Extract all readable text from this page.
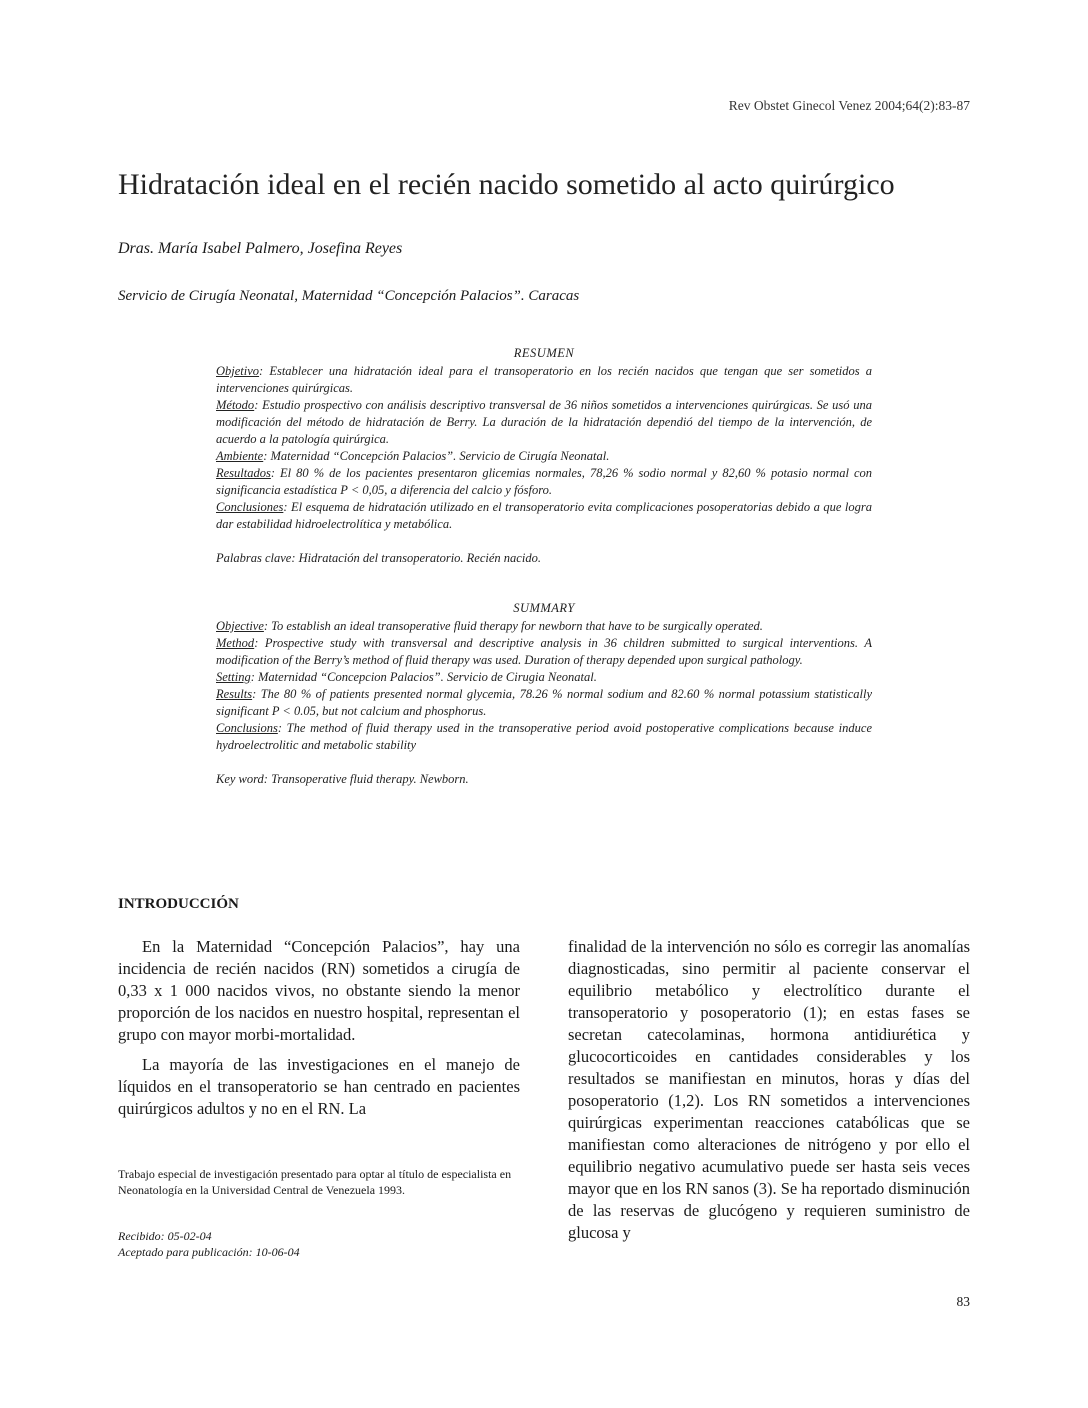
Rev Obstet Ginecol Venez 2004;64(2):83-87
Hidratación ideal en el recién nacido sometido al acto quirúrgico
Dras. María Isabel Palmero, Josefina Reyes
Servicio de Cirugía Neonatal, Maternidad “Concepción Palacios”. Caracas
RESUMEN

Objetivo: Establecer una hidratación ideal para el transoperatorio en los recién nacidos que tengan que ser sometidos a intervenciones quirúrgicas.

Método: Estudio prospectivo con análisis descriptivo transversal de 36 niños sometidos a intervenciones quirúrgicas. Se usó una modificación del método de hidratación de Berry. La duración de la hidratación dependió del tiempo de la intervención, de acuerdo a la patología quirúrgica.

Ambiente: Maternidad “Concepción Palacios”. Servicio de Cirugía Neonatal.

Resultados: El 80 % de los pacientes presentaron glicemias normales, 78,26 % sodio normal y 82,60 % potasio normal con significancia estadística P < 0,05, a diferencia del calcio y fósforo.

Conclusiones: El esquema de hidratación utilizado en el transoperatorio evita complicaciones posoperatorias debido a que logra dar estabilidad hidroelectrolítica y metabólica.

Palabras clave: Hidratación del transoperatorio. Recién nacido.

SUMMARY

Objective: To establish an ideal transoperative fluid therapy for newborn that have to be surgically operated.

Method: Prospective study with transversal and descriptive analysis in 36 children submitted to surgical interventions. A modification of the Berry’s method of fluid therapy was used. Duration of therapy depended upon surgical pathology.

Setting: Maternidad “Concepcion Palacios”. Servicio de Cirugia Neonatal.

Results: The 80 % of patients presented normal glycemia, 78.26 % normal sodium and 82.60 % normal potassium statistically significant P < 0.05, but not calcium and phosphorus.

Conclusions: The method of fluid therapy used in the transoperative period avoid postoperative complications because induce hydroelectrolitic and metabolic stability

Key word: Transoperative fluid therapy. Newborn.

INTRODUCCIÓN

En la Maternidad “Concepción Palacios”, hay una incidencia de recién nacidos (RN) sometidos a cirugía de 0,33 x 1 000 nacidos vivos, no obstante siendo la menor proporción de los nacidos en nuestro hospital, representan el grupo con mayor morbi-mortalidad.

La mayoría de las investigaciones en el manejo de líquidos en el transoperatorio se han centrado en pacientes quirúrgicos adultos y no en el RN. La

finalidad de la intervención no sólo es corregir las anomalías diagnosticadas, sino permitir al paciente conservar el equilibrio metabólico y electrolítico durante el transoperatorio y posoperatorio (1); en estas fases se secretan catecolaminas, hormona antidiurética y glucocorticoides en cantidades considerables y los resultados se manifiestan en minutos, horas y días del posoperatorio (1,2). Los RN sometidos a intervenciones quirúrgicas experimentan reacciones catabólicas que se manifiestan como alteraciones de nitrógeno y por ello el equilibrio negativo acumulativo puede ser hasta seis veces mayor que en los RN sanos (3). Se ha reportado disminución de las reservas de glucógeno y requieren suministro de glucosa y

Trabajo especial de investigación presentado para optar al título de especialista en Neonatología en la Universidad Central de Venezuela 1993.

Recibido: 05-02-04

Aceptado para publicación: 10-06-04

83
